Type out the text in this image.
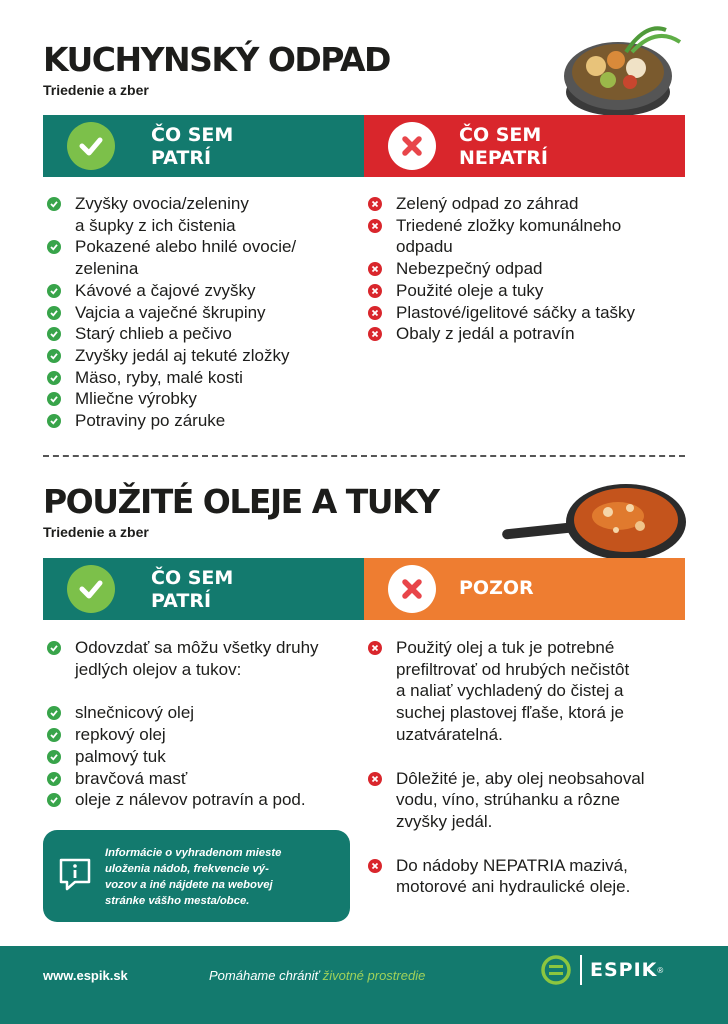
KUCHYNSKÝ ODPAD
Triedenie a zber
ČO SEM
PATRÍ
ČO SEM
NEPATRÍ
Zvyšky ovocia/zeleniny
a šupky z ich čistenia
Pokazené alebo hnilé ovocie/
zelenina
Kávové a čajové zvyšky
Vajcia a vaječné škrupiny
Starý chlieb a pečivo
Zvyšky jedál aj tekuté zložky
Mäso, ryby, malé kosti
Mliečne výrobky
Potraviny po záruke
Zelený odpad zo záhrad
Triedené zložky komunálneho
odpadu
Nebezpečný odpad
Použité oleje a tuky
Plastové/igelitové sáčky a tašky
Obaly z jedál a potravín
POUŽITÉ OLEJE A TUKY
Triedenie a zber
ČO SEM
PATRÍ
POZOR
Odovzdať sa môžu všetky druhy
jedlých olejov a tukov:
slnečnicový olej
repkový olej
palmový tuk
bravčová masť
oleje z nálevov potravín a pod.
Použitý olej a tuk je potrebné
prefiltrovať od hrubých nečistôt
a naliať vychladený do čistej a
suchej plastovej fľaše, ktorá je
uzatváratelná.
Dôležité je, aby olej neobsahoval
vodu, víno, strúhanku a rôzne
zvyšky jedál.
Do nádoby NEPATRIA mazivá,
motorové ani hydraulické oleje.
Informácie o vyhradenom mieste
uloženia nádob, frekvencie vý-
vozov a iné nájdete na webovej
stránke vášho mesta/obce.
www.espik.sk	Pomáhame chrániť životné prostredie	ESPIK ®
